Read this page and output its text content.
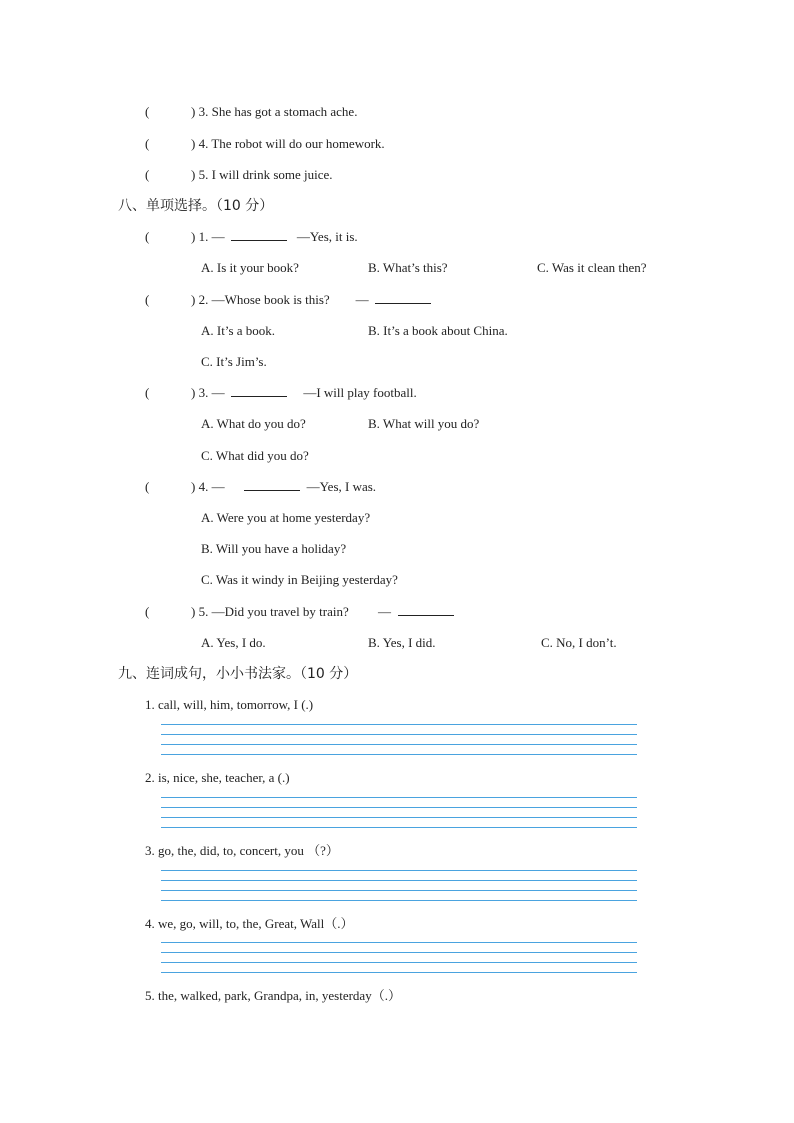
(	) 3. She has got a stomach ache.
(	) 4. The robot will do our homework.
(	) 5. I will drink some juice.
八、单项选择。（10 分）
(	) 1. —	—Yes, it is.
A. Is it your book?	B. What’s this?	C. Was it clean then?
(	) 2. —Whose book is this? —
A. It’s a book.	B. It’s a book about China.
C. It’s Jim’s.
(	) 3. —	—I will play football.
A. What do you do?	B. What will you do?
C. What did you do?
(	) 4. —	—Yes, I was.
A. Were you at home yesterday?
B. Will you have a holiday?
C. Was it windy in Beijing yesterday?
(	) 5. —Did you travel by train? —
A. Yes, I do.	B. Yes, I did.	C. No, I don’t.
九、连词成句，小小书法家。（10 分）
1. call, will, him, tomorrow, I (.)
2. is, nice, she, teacher, a (.)
3. go, the, did, to, concert, you （?）
4. we, go, will, to, the, Great, Wall（.）
5. the, walked, park, Grandpa, in, yesterday（.）
